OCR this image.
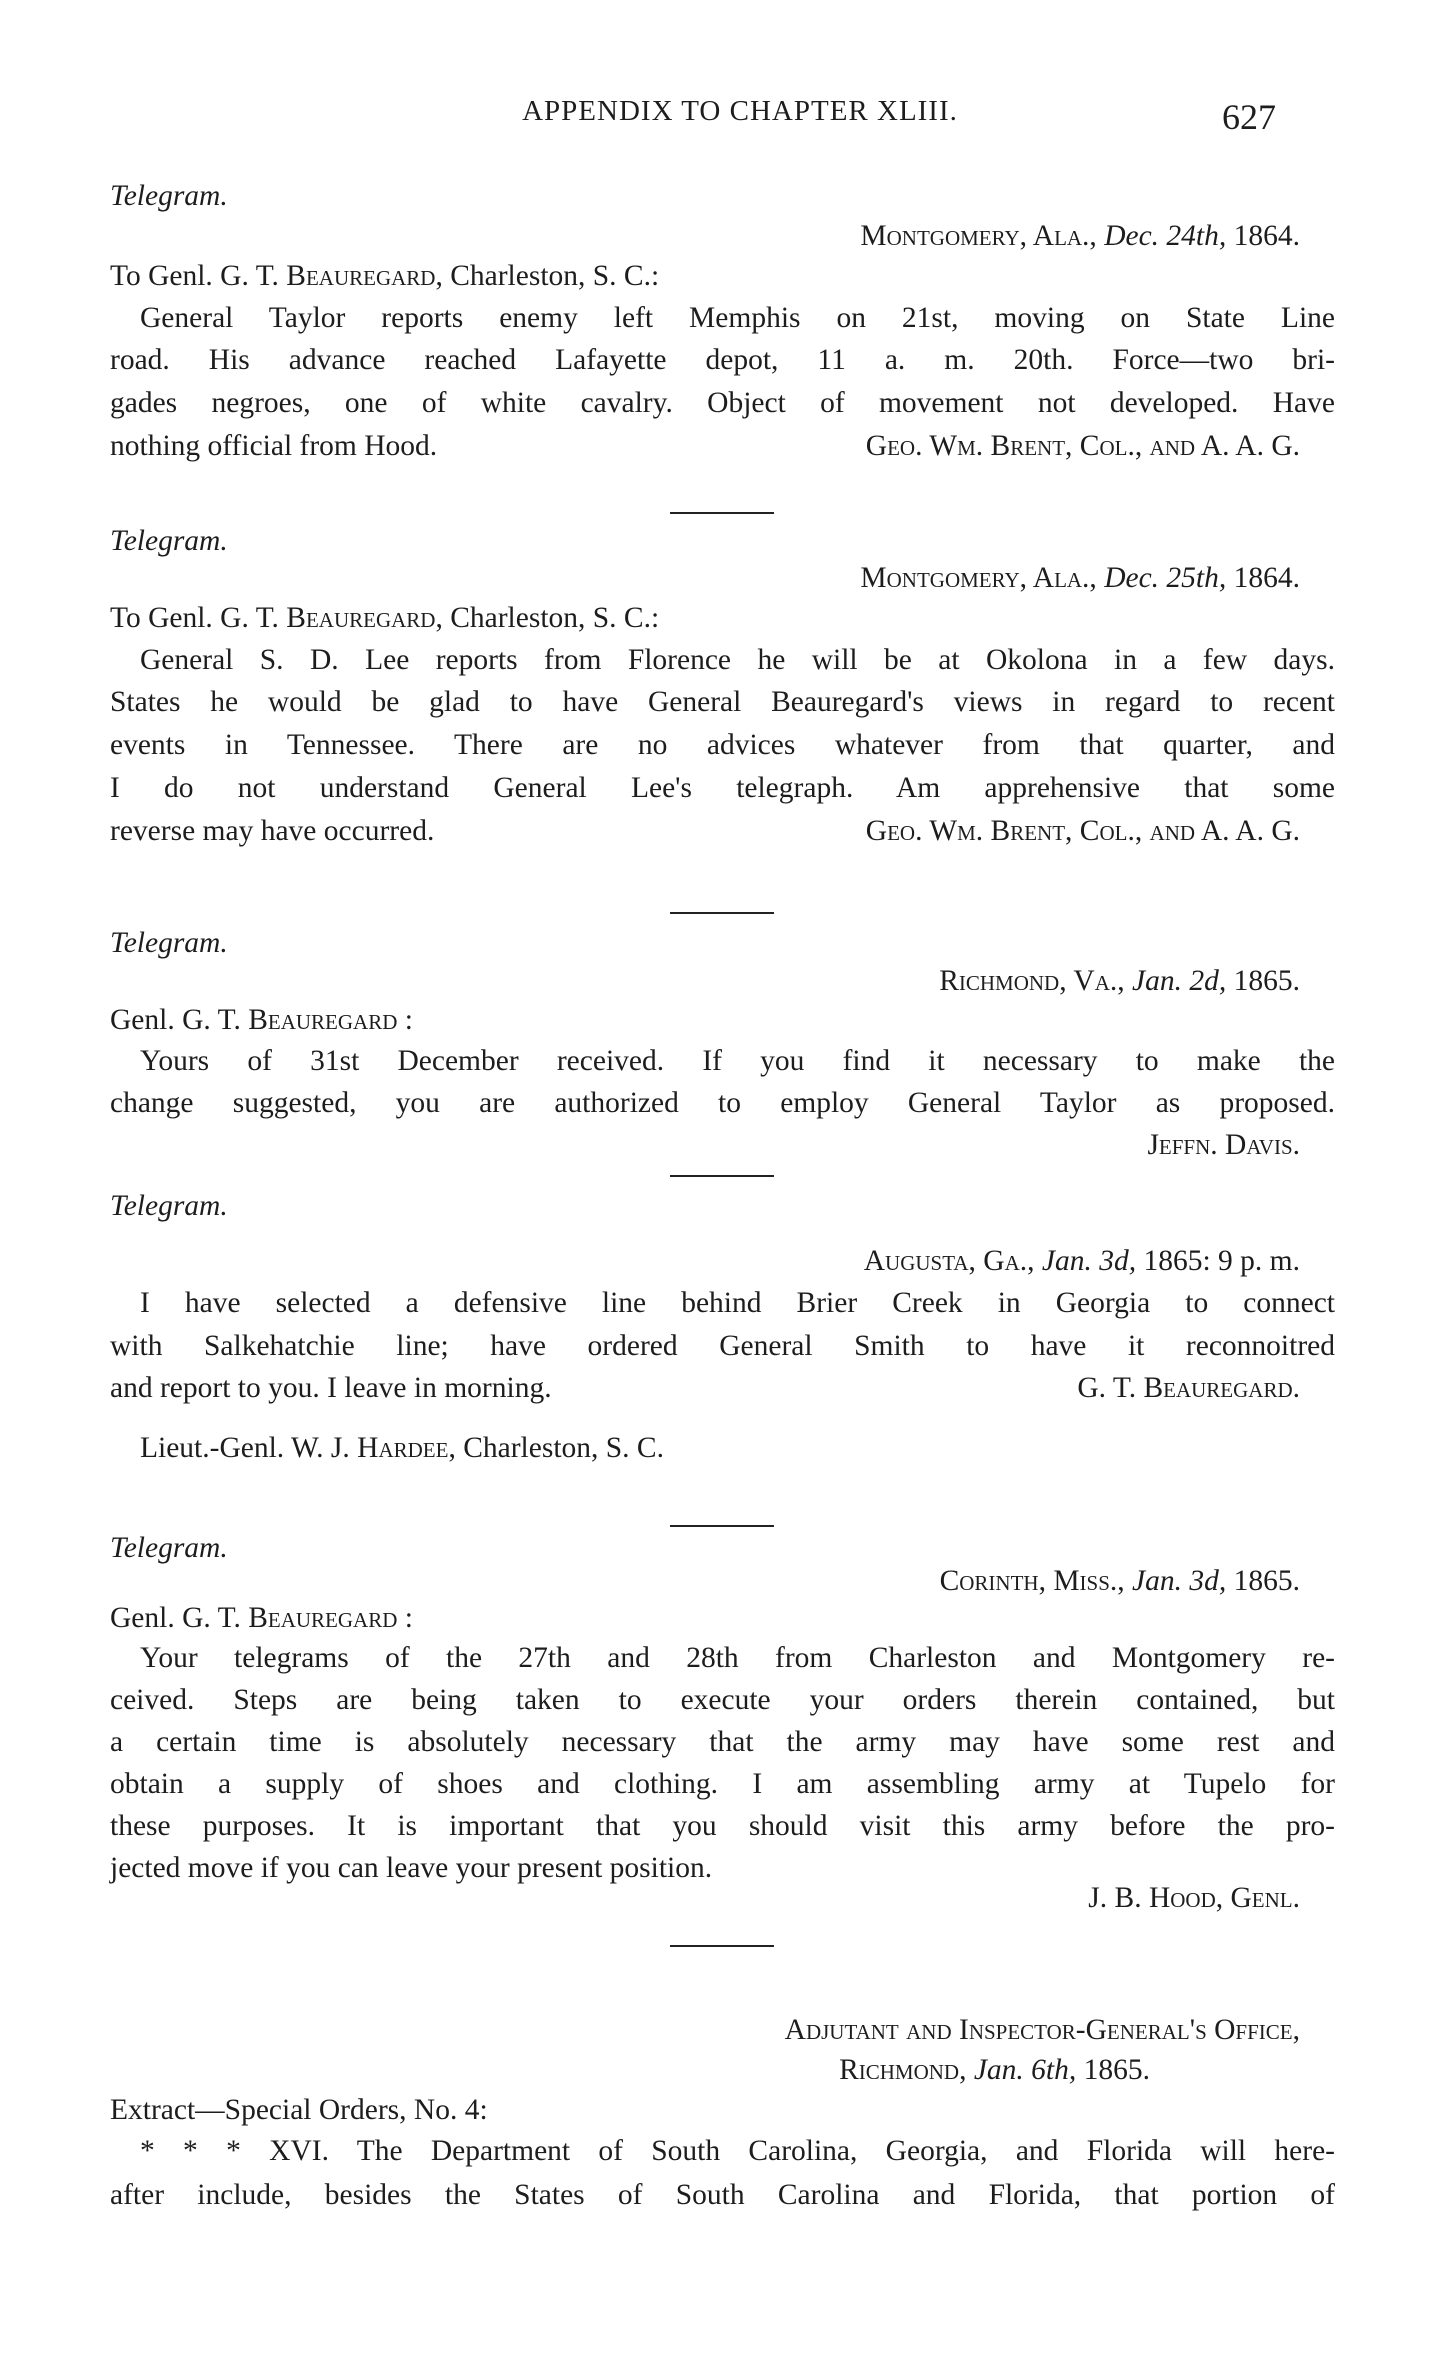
APPENDIX TO CHAPTER XLIII.	627
Telegram.
Montgomery, Ala., Dec. 24th, 1864.
To Genl. G. T. Beauregard, Charleston, S. C.:
General Taylor reports enemy left Memphis on 21st, moving on State Line
road. His advance reached Lafayette depot, 11 a. m. 20th. Force—two bri-
gades negroes, one of white cavalry. Object of movement not developed. Have
nothing official from Hood.	Geo. Wm. Brent, Col., and A. A. G.
Telegram.
Montgomery, Ala., Dec. 25th, 1864.
To Genl. G. T. Beauregard, Charleston, S. C.:
General S. D. Lee reports from Florence he will be at Okolona in a few days.
States he would be glad to have General Beauregard's views in regard to recent
events in Tennessee. There are no advices whatever from that quarter, and
I do not understand General Lee's telegraph. Am apprehensive that some
reverse may have occurred.	Geo. Wm. Brent, Col., and A. A. G.
Telegram.
Richmond, Va., Jan. 2d, 1865.
Genl. G. T. Beauregard :
Yours of 31st December received. If you find it necessary to make the
change suggested, you are authorized to employ General Taylor as proposed.
Jeffn. Davis.
Telegram.
Augusta, Ga., Jan. 3d, 1865: 9 p. m.
I have selected a defensive line behind Brier Creek in Georgia to connect
with Salkehatchie line; have ordered General Smith to have it reconnoitred
and report to you. I leave in morning.	G. T. Beauregard.
Lieut.-Genl. W. J. Hardee, Charleston, S. C.
Telegram.
Corinth, Miss., Jan. 3d, 1865.
Genl. G. T. Beauregard :
Your telegrams of the 27th and 28th from Charleston and Montgomery re-
ceived. Steps are being taken to execute your orders therein contained, but
a certain time is absolutely necessary that the army may have some rest and
obtain a supply of shoes and clothing. I am assembling army at Tupelo for
these purposes. It is important that you should visit this army before the pro-
jected move if you can leave your present position.
J. B. Hood, Genl.
Adjutant and Inspector-General's Office,
Richmond, Jan. 6th, 1865.
Extract—Special Orders, No. 4:
* * * XVI. The Department of South Carolina, Georgia, and Florida will here-
after include, besides the States of South Carolina and Florida, that portion of
